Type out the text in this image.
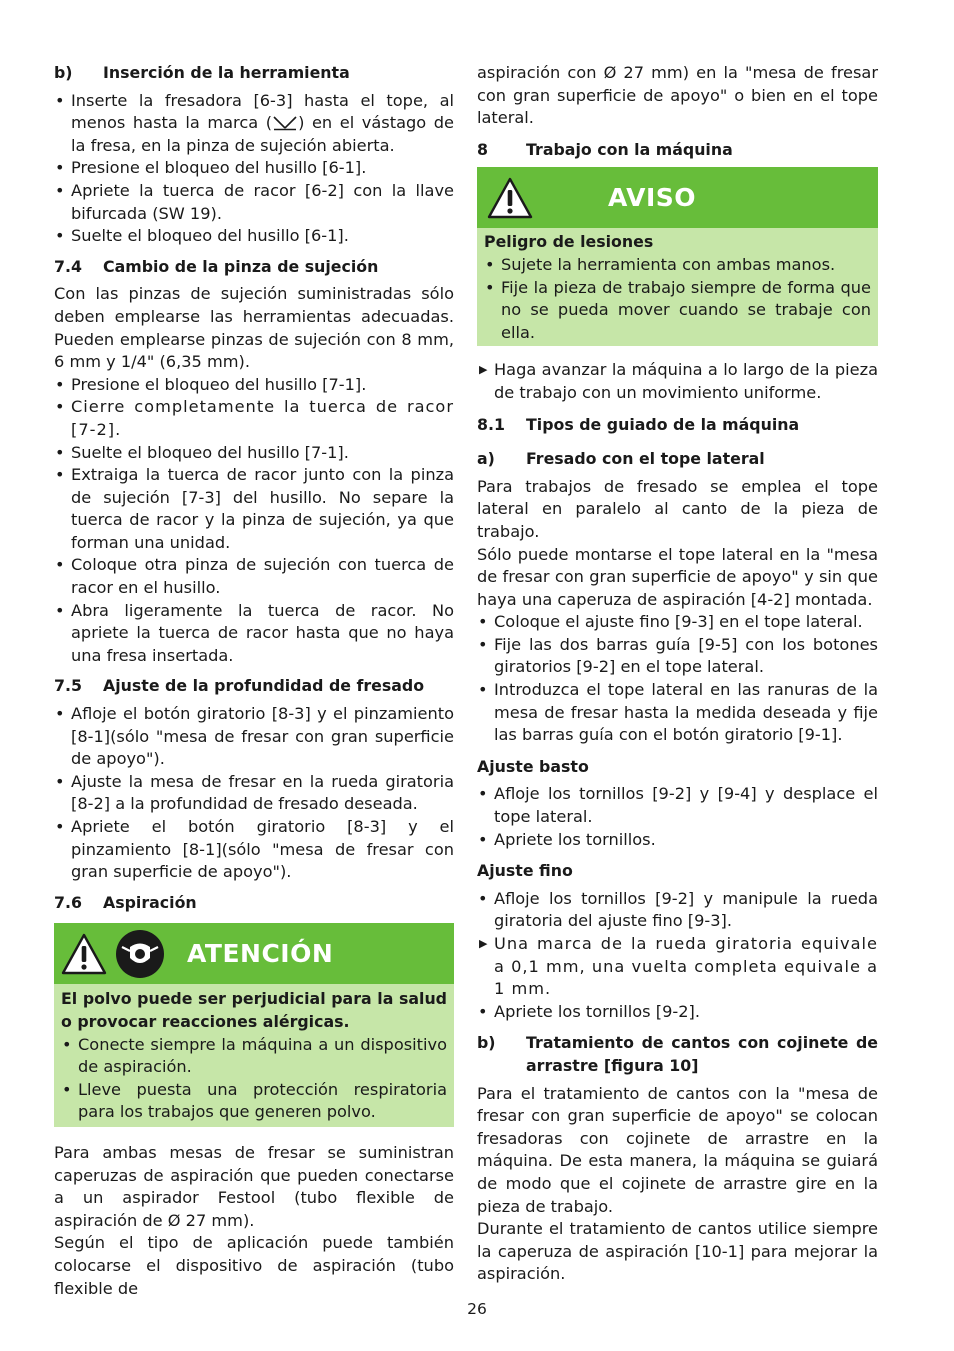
b)	Inserción de la herramienta
• Inserte la fresadora [6-3] hasta el tope, al menos hasta la marca ( ) en el vástago de la fresa, en la pinza de sujeción abierta.
• Presione el bloqueo del husillo [6-1].
• Apriete la tuerca de racor [6-2] con la llave bifurcada (SW 19).
• Suelte el bloqueo del husillo [6-1].
7.4	Cambio de la pinza de sujeción

Con las pinzas de sujeción suministradas sólo deben emplearse las herramientas adecuadas. Pueden emplearse pinzas de sujeción con 8 mm, 6 mm y 1/4" (6,35 mm).

• Presione el bloqueo del husillo [7-1].
• Cierre completamente la tuerca de racor [7-2].
• Suelte el bloqueo del husillo [7-1].
• Extraiga la tuerca de racor junto con la pinza de sujeción [7-3] del husillo. No separe la tuerca de racor y la pinza de sujeción, ya que forman una unidad.
• Coloque otra pinza de sujeción con tuerca de racor en el husillo.
• Abra ligeramente la tuerca de racor. No apriete la tuerca de racor hasta que no haya una fresa insertada.
7.5	Ajuste de la profundidad de fresado
• Afloje el botón giratorio [8-3] y el pinzamiento [8-1](sólo "mesa de fresar con gran superficie de apoyo").
• Ajuste la mesa de fresar en la rueda giratoria [8-2] a la profundidad de fresado deseada.
• Apriete el botón giratorio [8-3] y el pinzamiento [8-1](sólo "mesa de fresar con gran superficie de apoyo").
7.6	Aspiración
ATENCIÓN
El polvo puede ser perjudicial para la salud o provocar reacciones alérgicas.
• Conecte siempre la máquina a un dispositivo de aspiración.
• Lleve puesta una protección respiratoria para los trabajos que generen polvo.

Para ambas mesas de fresar se suministran caperuzas de aspiración que pueden conectarse a un aspirador Festool (tubo flexible de aspiración de Ø 27 mm).

Según el tipo de aplicación puede también colocarse el dispositivo de aspiración (tubo flexible de

aspiración con Ø 27 mm) en la "mesa de fresar con gran superficie de apoyo" o bien en el tope lateral.

8	Trabajo con la máquina
AVISO
Peligro de lesiones
• Sujete la herramienta con ambas manos.
• Fije la pieza de trabajo siempre de forma que no se pueda mover cuando se trabaje con ella.
▶ Haga avanzar la máquina a lo largo de la pieza de trabajo con un movimiento uniforme.
8.1	Tipos de guiado de la máquina
a)	Fresado con el tope lateral

Para trabajos de fresado se emplea el tope lateral en paralelo al canto de la pieza de trabajo.

Sólo puede montarse el tope lateral en la "mesa de fresar con gran superficie de apoyo" y sin que haya una caperuza de aspiración [4-2] montada.

• Coloque el ajuste fino [9-3] en el tope lateral.
• Fije las dos barras guía [9-5] con los botones giratorios [9-2] en el tope lateral.
• Introduzca el tope lateral en las ranuras de la mesa de fresar hasta la medida deseada y fije las barras guía con el botón giratorio [9-1].
Ajuste basto
• Afloje los tornillos [9-2] y [9-4] y desplace el tope lateral.
• Apriete los tornillos.
Ajuste fino
• Afloje los tornillos [9-2] y manipule la rueda giratoria del ajuste fino [9-3].
▶ Una marca de la rueda giratoria equivale a 0,1 mm, una vuelta completa equivale a 1 mm.
• Apriete los tornillos [9-2].
b)	Tratamiento de cantos con cojinete de arrastre [figura 10]

Para el tratamiento de cantos con la "mesa de fresar con gran superficie de apoyo" se colocan fresadoras con cojinete de arrastre en la máquina. De esta manera, la máquina se guiará de modo que el cojinete de arrastre gire en la pieza de trabajo.

Durante el tratamiento de cantos utilice siempre la caperuza de aspiración [10-1] para mejorar la aspiración.

26
